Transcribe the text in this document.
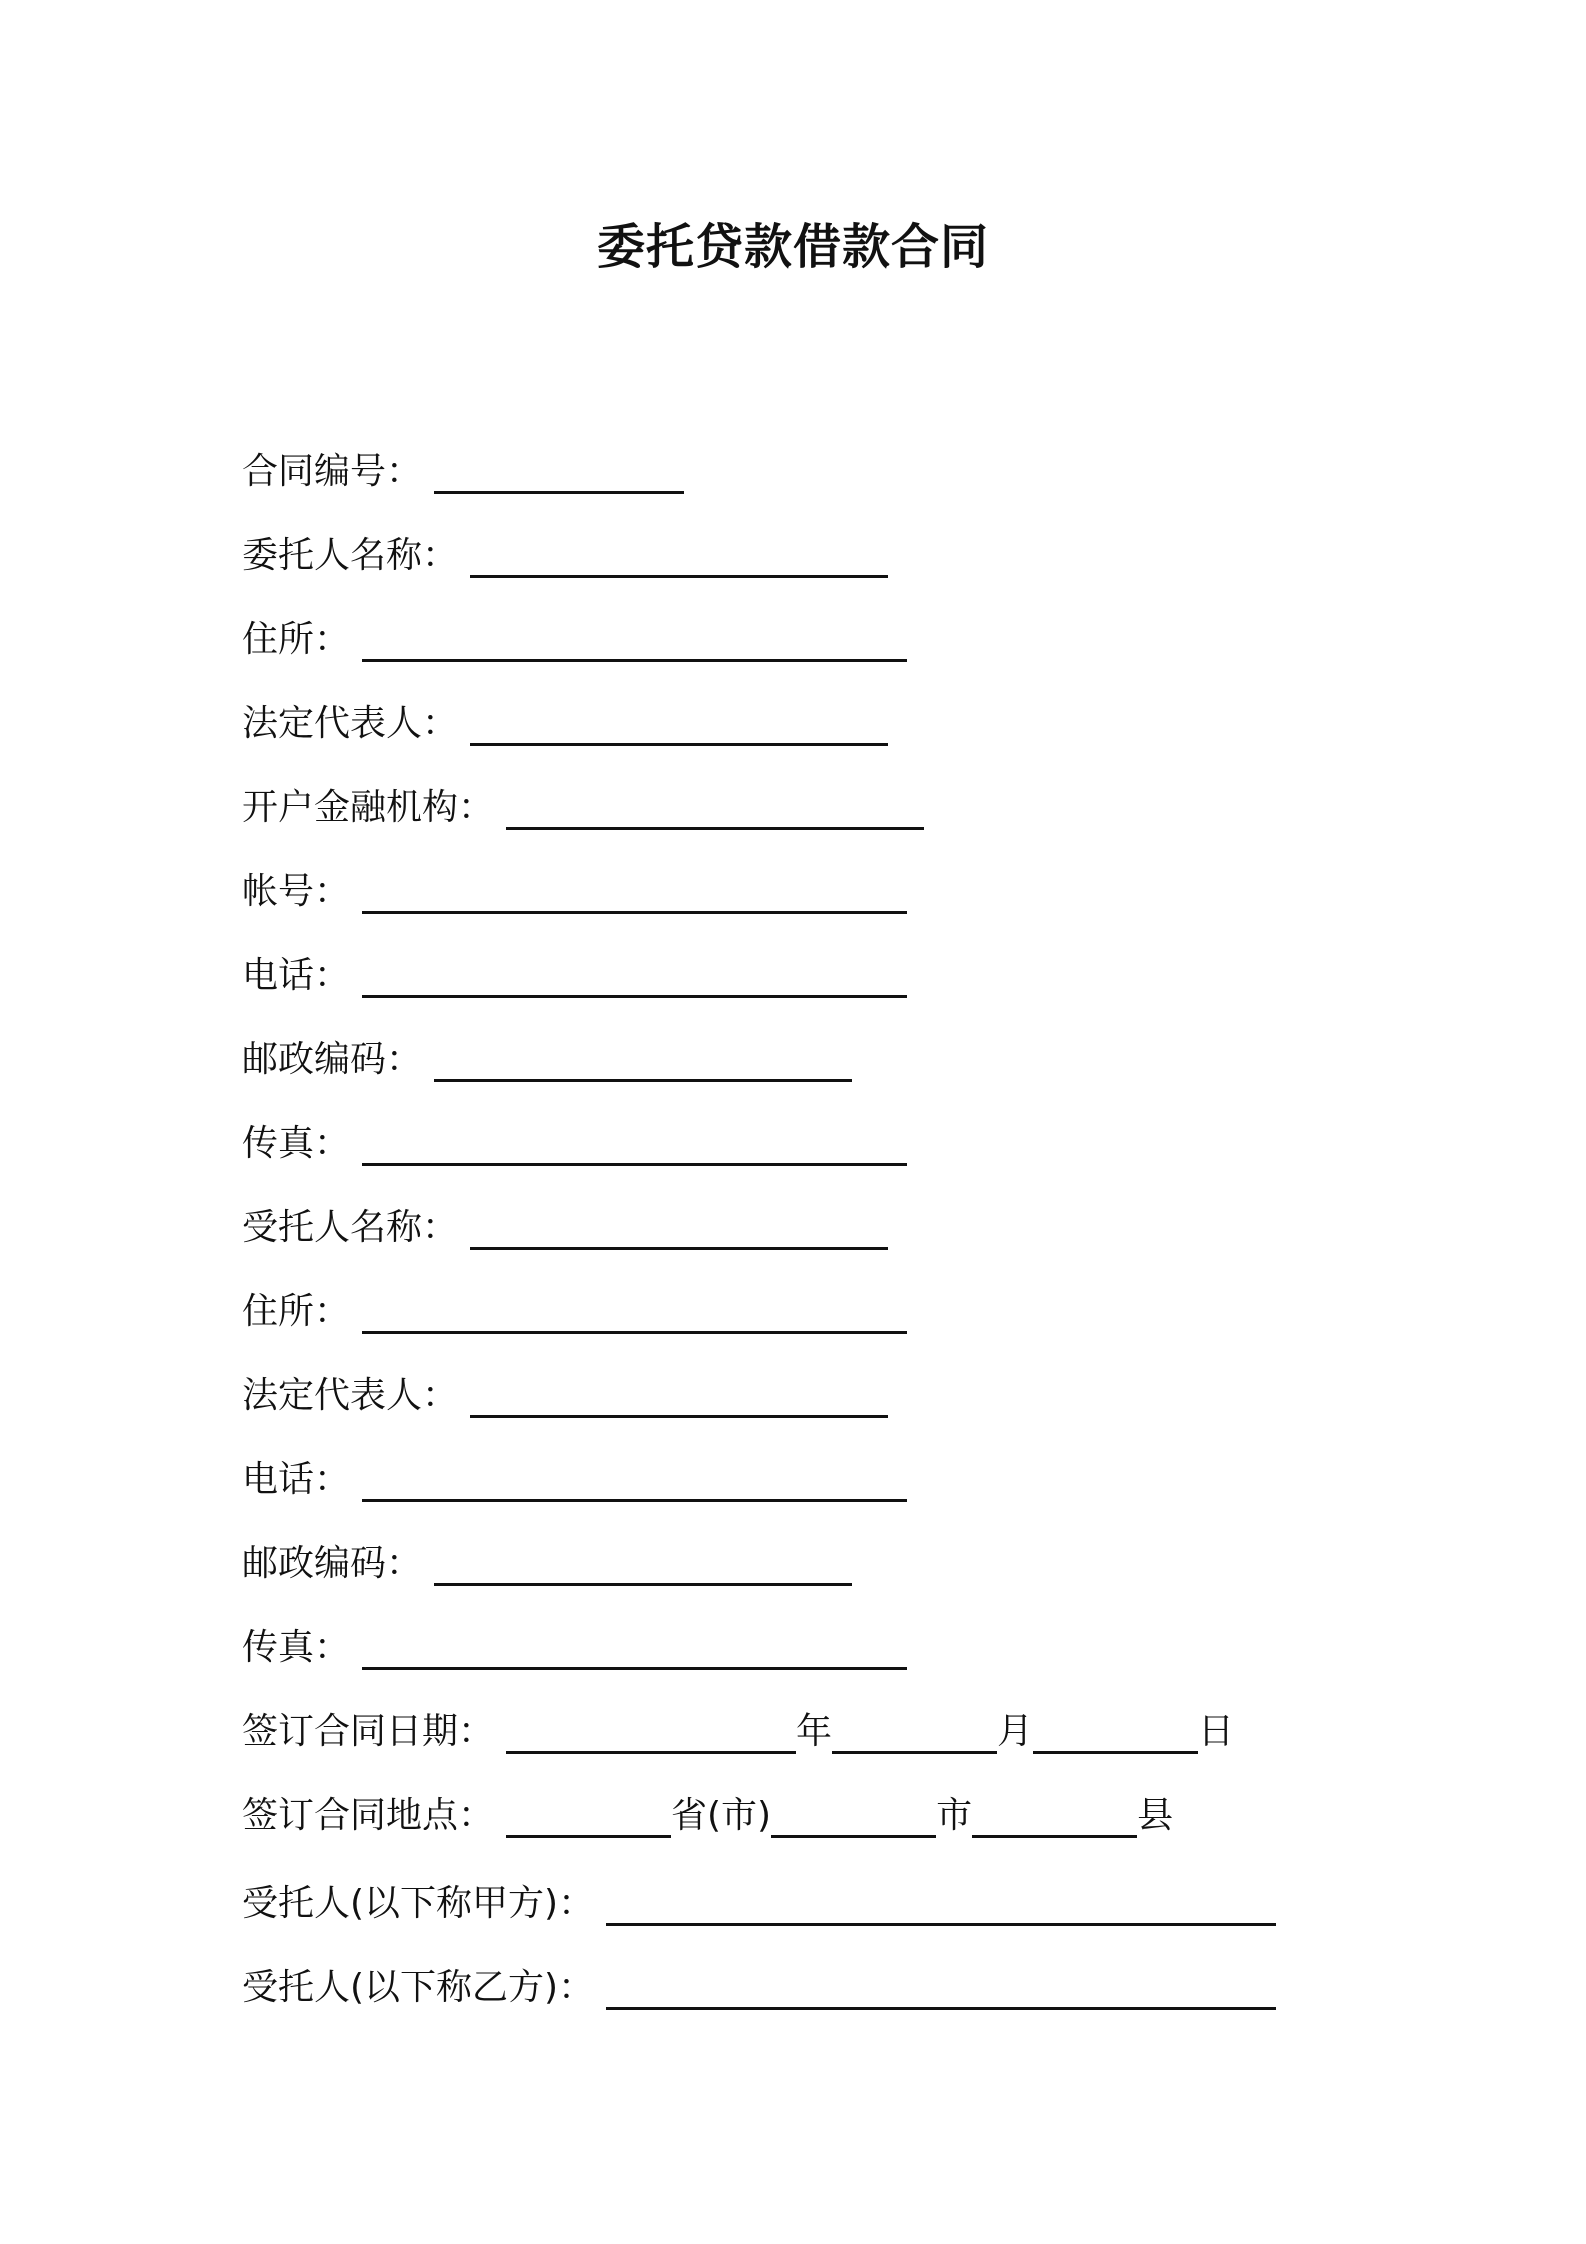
委托贷款借款合同
合同编号：
委托人名称：
住所：
法定代表人：
开户金融机构：
帐号：
电话：
邮政编码：
传真：
受托人名称：
住所：
法定代表人：
电话：
邮政编码：
传真：
签订合同日期：	年	月	日
签订合同地点：	省(市)	市	县
受托人(以下称甲方)：
受托人(以下称乙方)：
